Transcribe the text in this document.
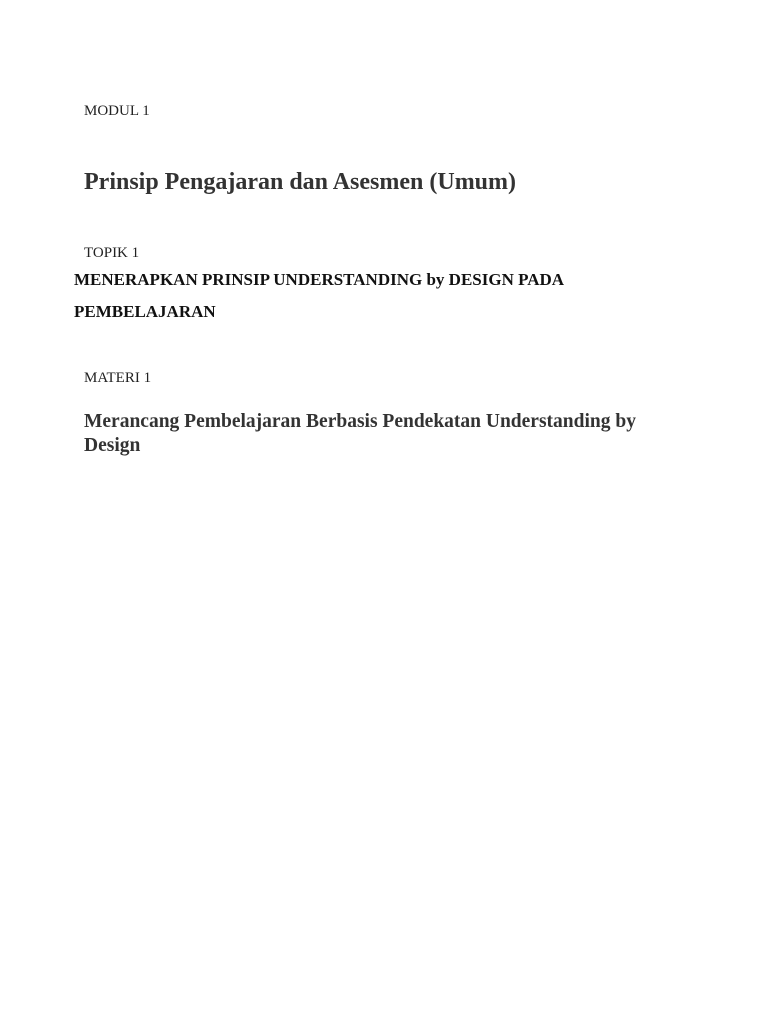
MODUL 1

Prinsip Pengajaran dan Asesmen (Umum)

TOPIK 1

MENERAPKAN PRINSIP UNDERSTANDING by DESIGN PADA PEMBELAJARAN

MATERI 1

Merancang Pembelajaran Berbasis Pendekatan Understanding by Design
